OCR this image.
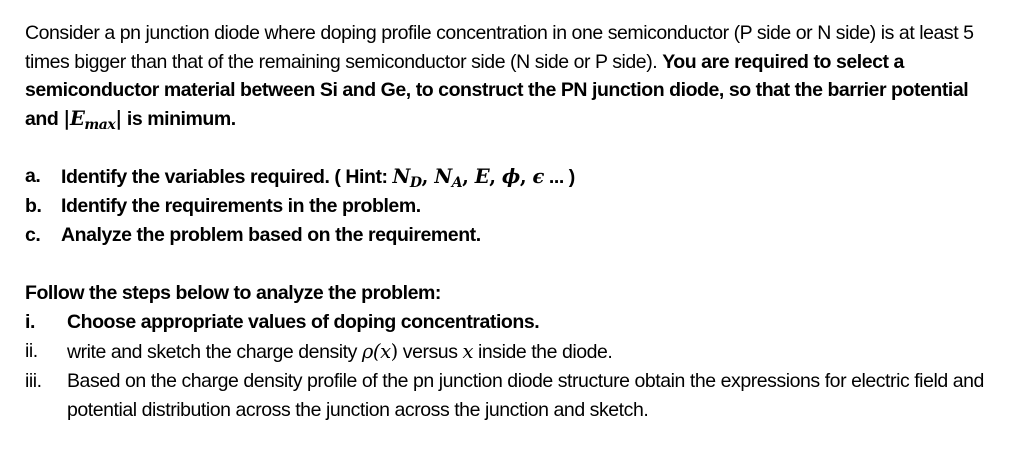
Consider a pn junction diode where doping profile concentration in one semiconductor (P side or N side) is at least 5 times bigger than that of the remaining semiconductor side (N side or P side). You are required to select a semiconductor material between Si and Ge, to construct the PN junction diode, so that the barrier potential and $|E_{max}|$ is minimum.
a.	Identify the variables required. ( Hint: $N_D$, $N_A$, E, ϕ, ϵ ... )
b.	Identify the requirements in the problem.
c.	Analyze the problem based on the requirement.
Follow the steps below to analyze the problem:
i.	Choose appropriate values of doping concentrations.
ii.	write and sketch the charge density ρ(x) versus x inside the diode.
iii.	Based on the charge density profile of the pn junction diode structure obtain the expressions for electric field and potential distribution across the junction across the junction and sketch.
